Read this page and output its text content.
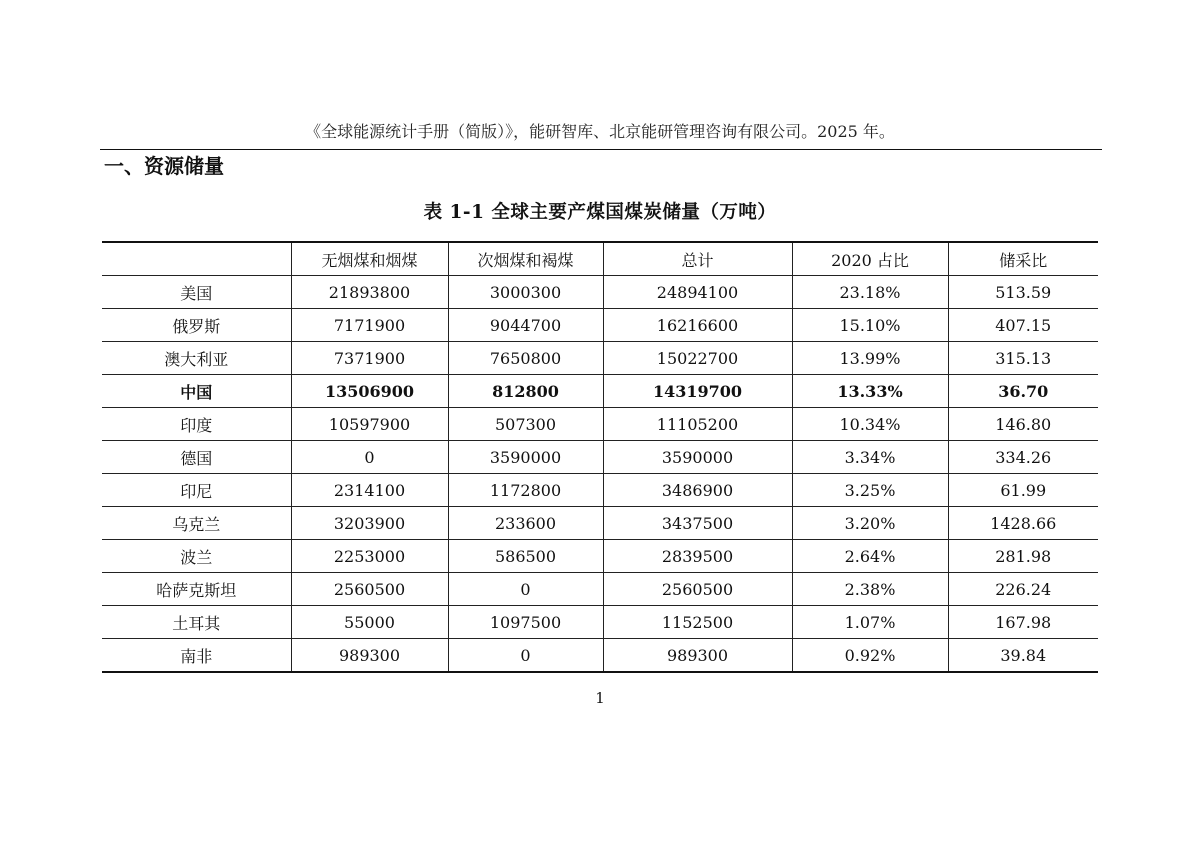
《全球能源统计手册（简版）》，能研智库、北京能研管理咨询有限公司。2025 年。
一、资源储量
表 1-1 全球主要产煤国煤炭储量（万吨）
	无烟煤和烟煤	次烟煤和褐煤	总计	2020 占比	储采比
美国	21893800	3000300	24894100	23.18%	513.59
俄罗斯	7171900	9044700	16216600	15.10%	407.15
澳大利亚	7371900	7650800	15022700	13.99%	315.13
中国	13506900	812800	14319700	13.33%	36.70
印度	10597900	507300	11105200	10.34%	146.80
德国	0	3590000	3590000	3.34%	334.26
印尼	2314100	1172800	3486900	3.25%	61.99
乌克兰	3203900	233600	3437500	3.20%	1428.66
波兰	2253000	586500	2839500	2.64%	281.98
哈萨克斯坦	2560500	0	2560500	2.38%	226.24
土耳其	55000	1097500	1152500	1.07%	167.98
南非	989300	0	989300	0.92%	39.84
1
